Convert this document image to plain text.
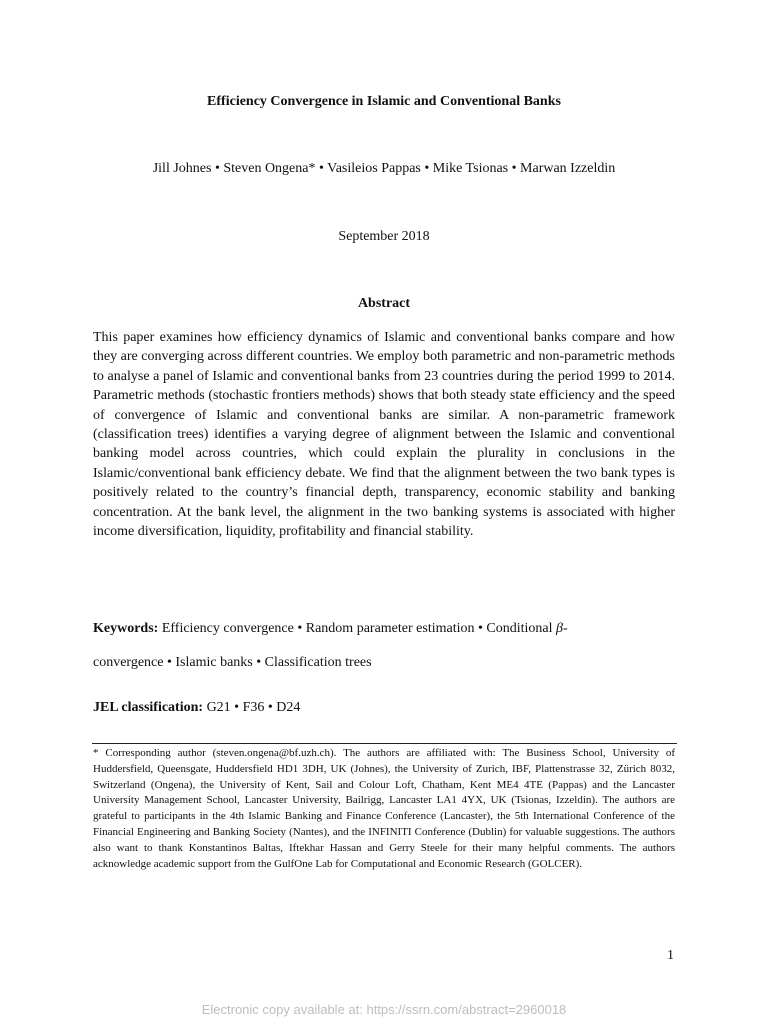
Efficiency Convergence in Islamic and Conventional Banks
Jill Johnes • Steven Ongena* • Vasileios Pappas • Mike Tsionas • Marwan Izzeldin
September 2018
Abstract
This paper examines how efficiency dynamics of Islamic and conventional banks compare and how they are converging across different countries. We employ both parametric and non-parametric methods to analyse a panel of Islamic and conventional banks from 23 countries during the period 1999 to 2014. Parametric methods (stochastic frontiers methods) shows that both steady state efficiency and the speed of convergence of Islamic and conventional banks are similar. A non-parametric framework (classification trees) identifies a varying degree of alignment between the Islamic and conventional banking model across countries, which could explain the plurality in conclusions in the Islamic/conventional bank efficiency debate. We find that the alignment between the two bank types is positively related to the country’s financial depth, transparency, economic stability and banking concentration. At the bank level, the alignment in the two banking systems is associated with higher income diversification, liquidity, profitability and financial stability.
Keywords: Efficiency convergence • Random parameter estimation • Conditional β-
convergence • Islamic banks • Classification trees
JEL classification: G21 • F36 • D24
* Corresponding author (steven.ongena@bf.uzh.ch). The authors are affiliated with: The Business School, University of Huddersfield, Queensgate, Huddersfield HD1 3DH, UK (Johnes), the University of Zurich, IBF, Plattenstrasse 32, Zürich 8032, Switzerland (Ongena), the University of Kent, Sail and Colour Loft, Chatham, Kent ME4 4TE (Pappas) and the Lancaster University Management School, Lancaster University, Bailrigg, Lancaster LA1 4YX, UK (Tsionas, Izzeldin). The authors are grateful to participants in the 4th Islamic Banking and Finance Conference (Lancaster), the 5th International Conference of the Financial Engineering and Banking Society (Nantes), and the INFINITI Conference (Dublin) for valuable suggestions. The authors also want to thank Konstantinos Baltas, Iftekhar Hassan and Gerry Steele for their many helpful comments. The authors acknowledge academic support from the GulfOne Lab for Computational and Economic Research (GOLCER).
1
Electronic copy available at: https://ssrn.com/abstract=2960018
